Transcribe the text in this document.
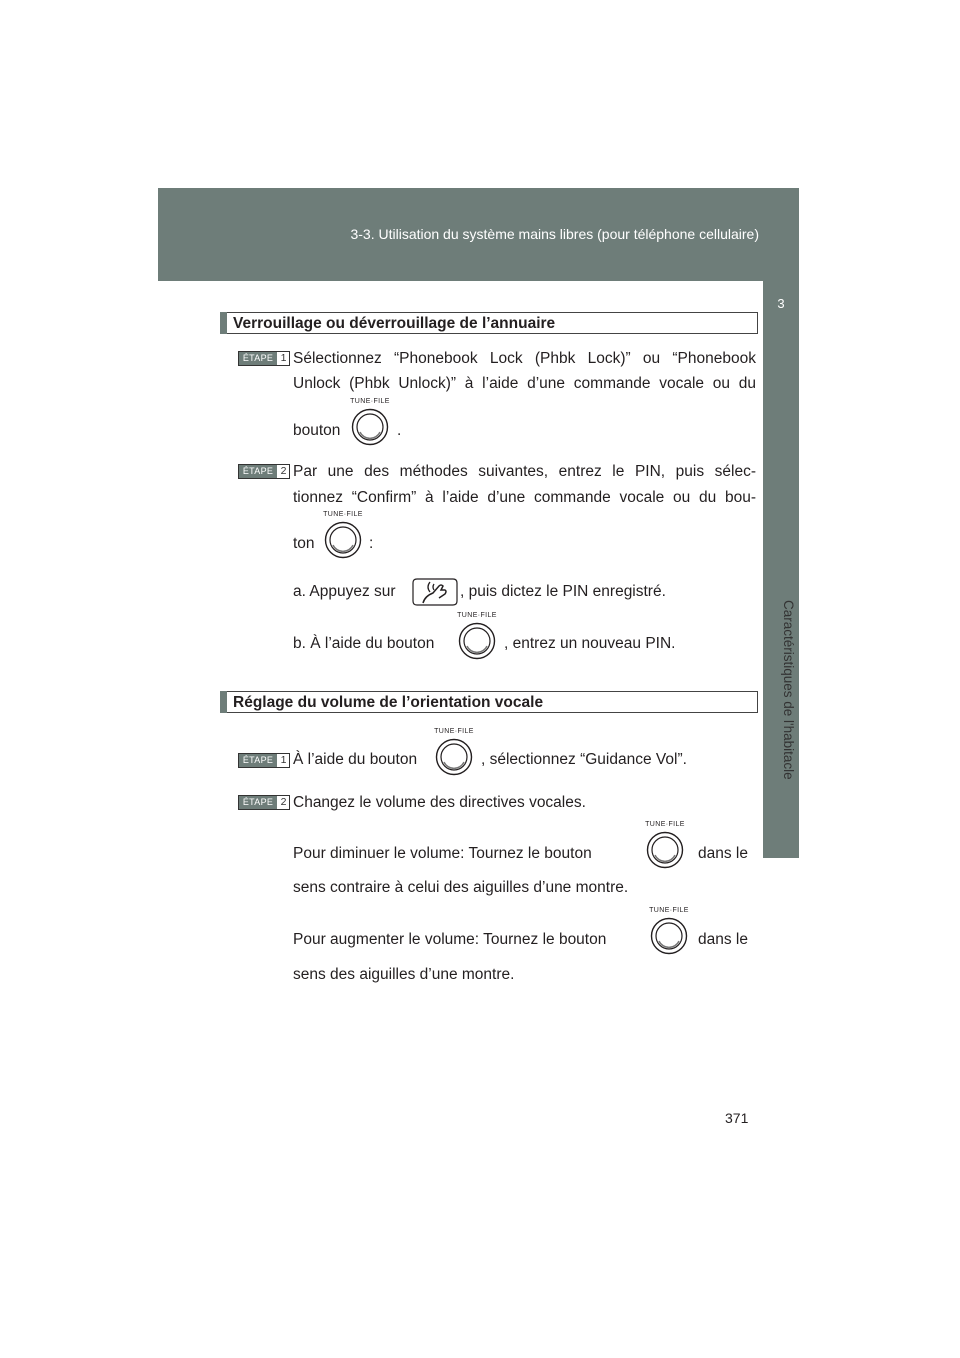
3-3. Utilisation du système mains libres (pour téléphone cellulaire)
3
Caractéristiques de l'habitacle
Verrouillage ou déverrouillage de l’annuaire
ÉTAPE 1 Sélectionnez “Phonebook Lock (Phbk Lock)” ou “Phonebook
Unlock (Phbk Unlock)” à l’aide d’une commande vocale ou du
bouton
TUNE·FILE
.
ÉTAPE 2 Par une des méthodes suivantes, entrez le PIN, puis sélec-
tionnez “Confirm” à l’aide d’une commande vocale ou du bou-
ton
TUNE·FILE
:
a. Appuyez sur	, puis dictez le PIN enregistré.
b. À l’aide du bouton
TUNE·FILE
, entrez un nouveau PIN.
Réglage du volume de l’orientation vocale
ÉTAPE 1 À l’aide du bouton
TUNE·FILE
, sélectionnez “Guidance Vol”.
ÉTAPE 2 Changez le volume des directives vocales.
Pour diminuer le volume: Tournez le bouton
TUNE·FILE
dans le
sens contraire à celui des aiguilles d’une montre.
Pour augmenter le volume: Tournez le bouton
TUNE·FILE
dans le
sens des aiguilles d’une montre.
371
